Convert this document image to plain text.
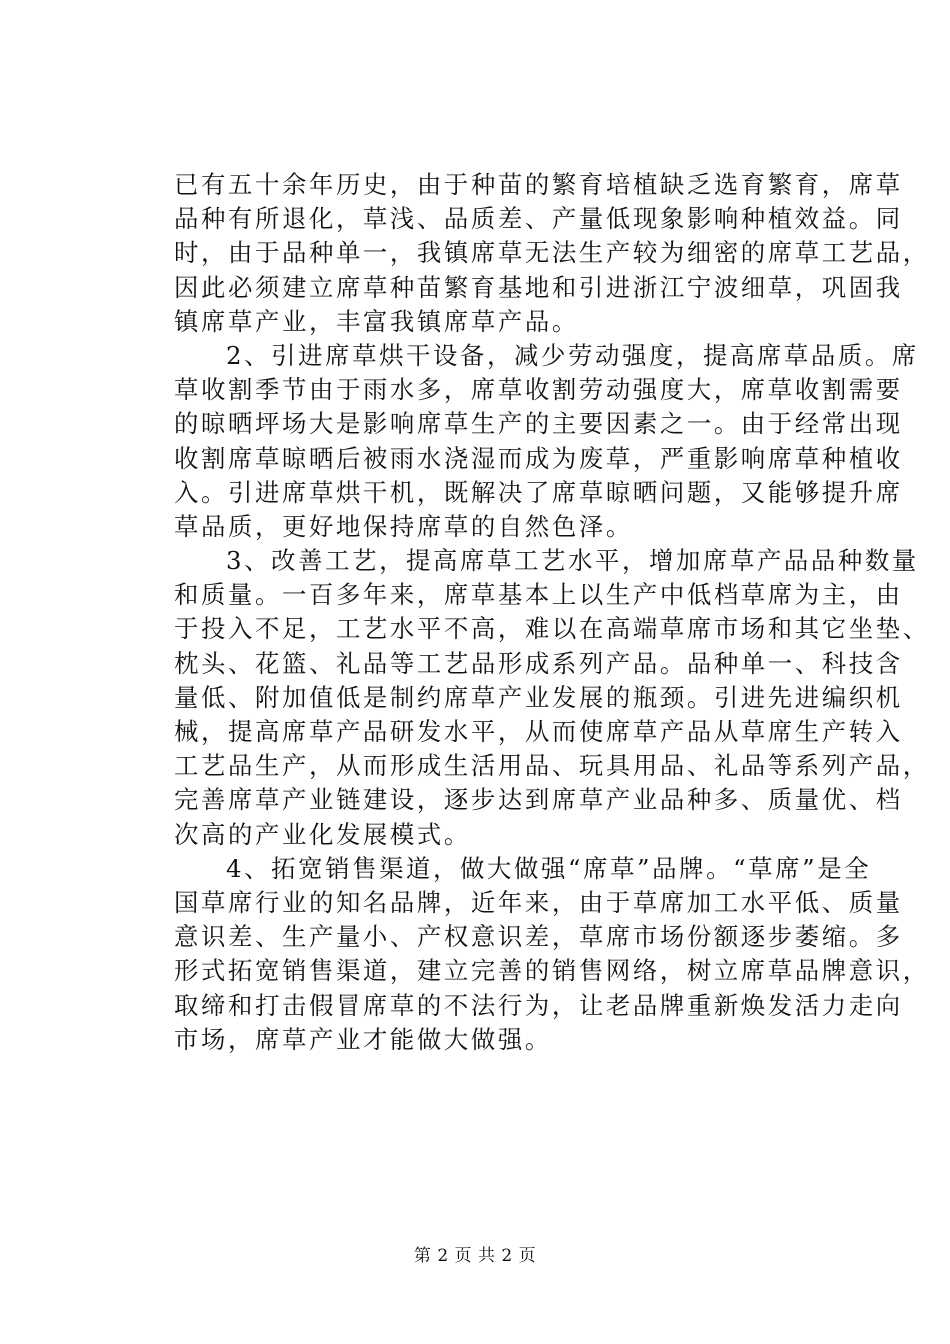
已有五十余年历史，由于种苗的繁育培植缺乏选育繁育，席草
品种有所退化，草浅、品质差、产量低现象影响种植效益。同
时，由于品种单一，我镇席草无法生产较为细密的席草工艺品，
因此必须建立席草种苗繁育基地和引进浙江宁波细草，巩固我
镇席草产业，丰富我镇席草产品。
2、引进席草烘干设备，减少劳动强度，提高席草品质。席
草收割季节由于雨水多，席草收割劳动强度大，席草收割需要
的晾晒坪场大是影响席草生产的主要因素之一。由于经常出现
收割席草晾晒后被雨水浇湿而成为废草，严重影响席草种植收
入。引进席草烘干机，既解决了席草晾晒问题，又能够提升席
草品质，更好地保持席草的自然色泽。
3、改善工艺，提高席草工艺水平，增加席草产品品种数量
和质量。一百多年来，席草基本上以生产中低档草席为主，由
于投入不足，工艺水平不高，难以在高端草席市场和其它坐垫、
枕头、花篮、礼品等工艺品形成系列产品。品种单一、科技含
量低、附加值低是制约席草产业发展的瓶颈。引进先进编织机
械，提高席草产品研发水平，从而使席草产品从草席生产转入
工艺品生产，从而形成生活用品、玩具用品、礼品等系列产品，
完善席草产业链建设，逐步达到席草产业品种多、质量优、档
次高的产业化发展模式。
4、拓宽销售渠道，做大做强“席草”品牌。“草席”是全
国草席行业的知名品牌，近年来，由于草席加工水平低、质量
意识差、生产量小、产权意识差，草席市场份额逐步萎缩。多
形式拓宽销售渠道，建立完善的销售网络，树立席草品牌意识，
取缔和打击假冒席草的不法行为，让老品牌重新焕发活力走向
市场，席草产业才能做大做强。
第 2 页 共 2 页
